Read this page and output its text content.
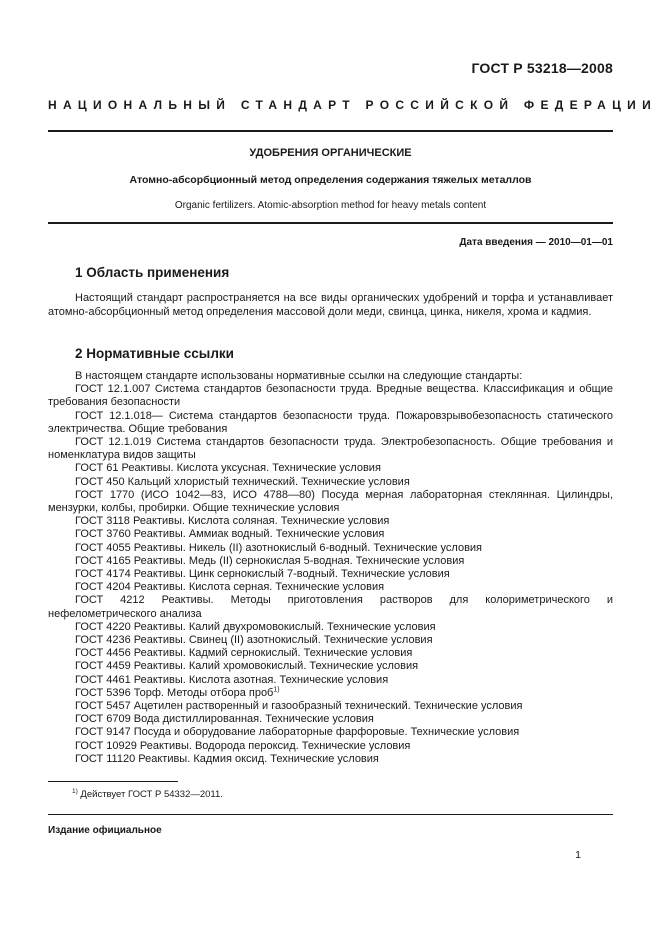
ГОСТ Р 53218—2008
НАЦИОНАЛЬНЫЙ СТАНДАРТ РОССИЙСКОЙ ФЕДЕРАЦИИ
УДОБРЕНИЯ ОРГАНИЧЕСКИЕ
Атомно-абсорбционный метод определения содержания тяжелых металлов
Organic fertilizers. Atomic-absorption method for heavy metals content
Дата введения — 2010—01—01
1 Область применения

Настоящий стандарт распространяется на все виды органических удобрений и торфа и устанавливает атомно-абсорбционный метод определения массовой доли меди, свинца, цинка, никеля, хрома и кадмия.

2 Нормативные ссылки

В настоящем стандарте использованы нормативные ссылки на следующие стандарты:

ГОСТ 12.1.007 Система стандартов безопасности труда. Вредные вещества. Классификация и общие требования безопасности

ГОСТ 12.1.018— Система стандартов безопасности труда. Пожаровзрывобезопасность статического электричества. Общие требования

ГОСТ 12.1.019 Система стандартов безопасности труда. Электробезопасность. Общие требования и номенклатура видов защиты

ГОСТ 61 Реактивы. Кислота уксусная. Технические условия

ГОСТ 450 Кальций хлористый технический. Технические условия

ГОСТ 1770 (ИСО 1042—83, ИСО 4788—80) Посуда мерная лабораторная стеклянная. Цилиндры, мензурки, колбы, пробирки. Общие технические условия

ГОСТ 3118 Реактивы. Кислота соляная. Технические условия

ГОСТ 3760 Реактивы. Аммиак водный. Технические условия

ГОСТ 4055 Реактивы. Никель (II) азотнокислый 6-водный. Технические условия

ГОСТ 4165 Реактивы. Медь (II) сернокислая 5-водная. Технические условия

ГОСТ 4174 Реактивы. Цинк сернокислый 7-водный. Технические условия

ГОСТ 4204 Реактивы. Кислота серная. Технические условия

ГОСТ 4212 Реактивы. Методы приготовления растворов для колориметрического и нефелометрического анализа

ГОСТ 4220 Реактивы. Калий двухромовокислый. Технические условия

ГОСТ 4236 Реактивы. Свинец (II) азотнокислый. Технические условия

ГОСТ 4456 Реактивы. Кадмий сернокислый. Технические условия

ГОСТ 4459 Реактивы. Калий хромовокислый. Технические условия

ГОСТ 4461 Реактивы. Кислота азотная. Технические условия

ГОСТ 5396 Торф. Методы отбора проб$^{1)}$

ГОСТ 5457 Ацетилен растворенный и газообразный технический. Технические условия

ГОСТ 6709 Вода дистиллированная. Технические условия

ГОСТ 9147 Посуда и оборудование лабораторные фарфоровые. Технические условия

ГОСТ 10929 Реактивы. Водорода пероксид. Технические условия

ГОСТ 11120 Реактивы. Кадмия оксид. Технические условия

$^{1)}$ Действует ГОСТ Р 54332—2011.
Издание официальное
1
